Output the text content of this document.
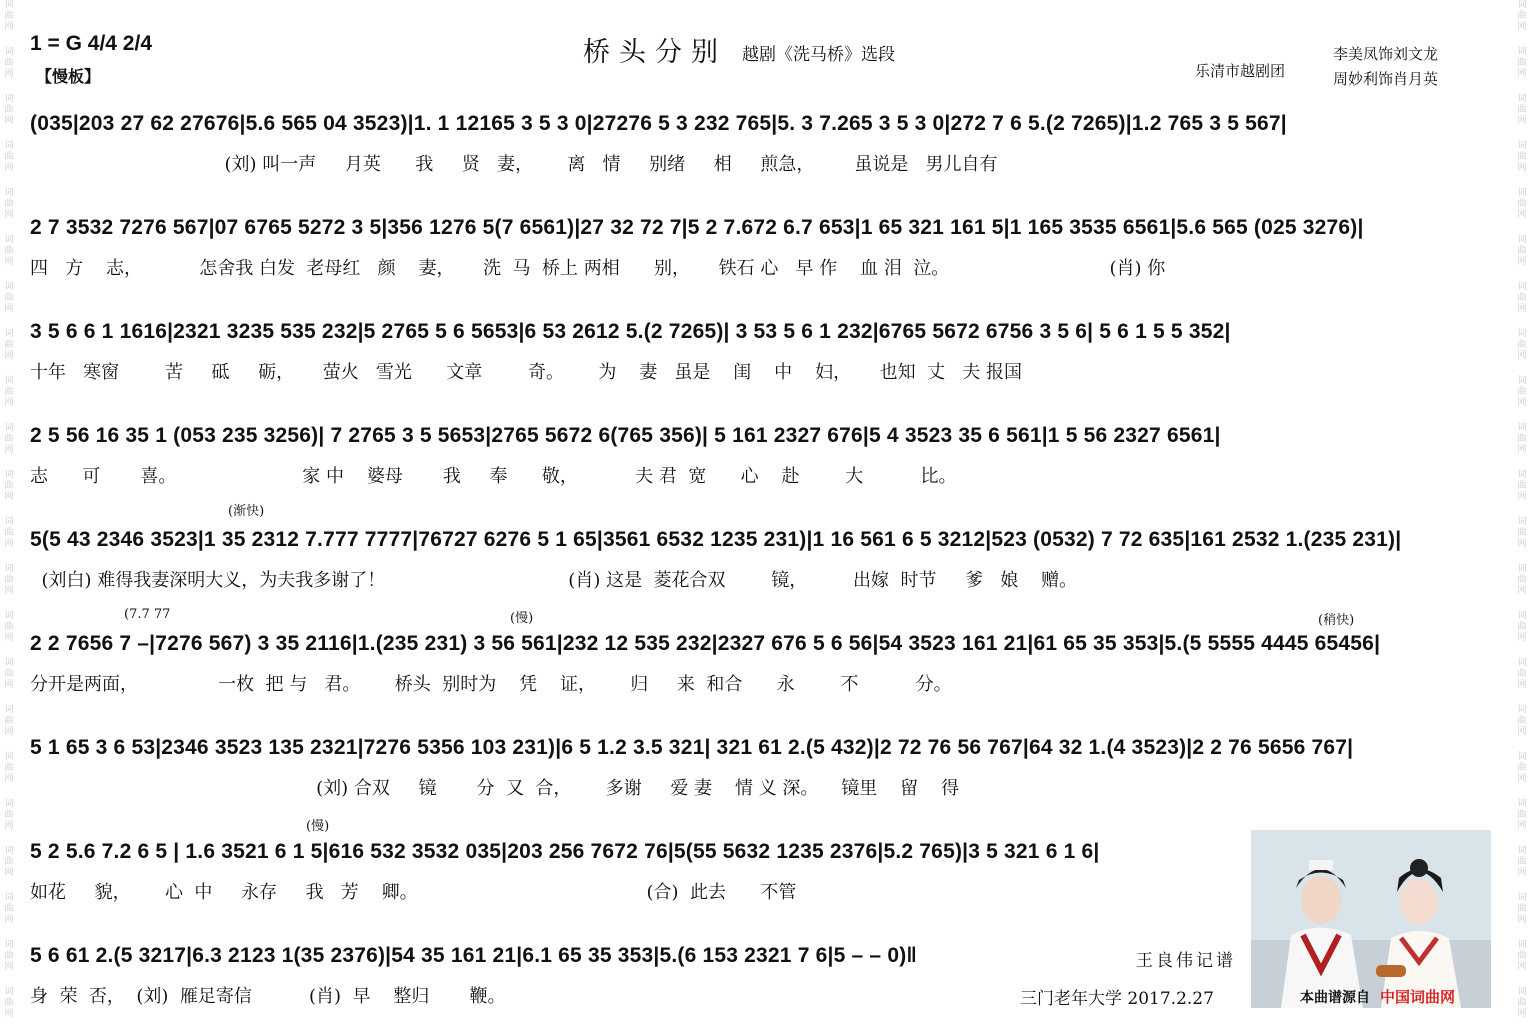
词
曲
网
词
曲
网
词
曲
网
词
曲
网
词
曲
网
词
曲
网
词
曲
网
词
曲
网
词
曲
网
词
曲
网
词
曲
网
词
曲
网
词
曲
网
词
曲
网
词
曲
网
词
曲
网
词
曲
网
词
曲
网
词
曲
网
词
曲
网
词
曲
网
词
曲
网
词
曲
网
词
曲
网
词
曲
网
词
曲
网
词
曲
网
词
曲
网
词
曲
网
词
曲
网
词
曲
网
词
曲
网
词
曲
网
词
曲
网
词
曲
网
词
曲
网
词
曲
网
词
曲
网
词
曲
网
词
曲
网
词
曲
网
词
曲
网
词
曲
网
词
曲
网
1 = G 4/4 2/4
【慢板】
桥头分别 越剧《洗马桥》选段
乐清市越剧团
李美凤饰刘文龙
周妙利饰肖月英
(035|203 27 62 27676|5.6 565 04 3523)|1. 1 12165 3 5 3 0|27276 5 3 232 765|5. 3 7.265 3 5 3 0|272 7 6 5.(2 7265)|1.2 765 3 5 567|
(刘) 叫一声     月英      我     贤   妻，      离   情     别绪     相     煎急，       虽说是   男儿自有
2 7 3532 7276 567|07 6765 5272 3 5|356 1276 5(7 6561)|27 32 72 7|5 2 7.672 6.7 653|1 65 321 161 5|1 165 3535 6561|5.6 565 (025 3276)|
四   方    志，          怎舍我 白发  老母红   颜    妻，     洗  马  桥上 两相      别，     铁石 心   早 作    血 泪  泣。                            (肖) 你
3 5 6 6 1 1616|2321 3235 535 232|5 2765 5 6 5653|6 53 2612 5.(2 7265)| 3 53 5 6 1 232|6765 5672 6756 3 5 6| 5 6 1 5 5 352|
十年   寒窗        苦     砥     砺，     萤火   雪光      文章        奇。      为    妻   虽是    闺    中    妇，     也知  丈   夫 报国
2 5 56 16 35 1 (053 235 3256)| 7 2765 3 5 5653|2765 5672 6(765 356)| 5 161 2327 676|5 4 3523 35 6 561|1 5 56 2327 6561|
志      可       喜。                      家 中    婆母       我     奉      敬，          夫 君  宽      心    赴        大          比。
(渐快)
5(5 43 2346 3523|1 35 2312 7.777 7777|76727 6276 5 1 65|3561 6532 1235 231)|1 16 561 6 5 3212|523 (0532) 7 72 635|161 2532 1.(235 231)|
(刘白) 难得我妻深明大义，为夫我多谢了！                                (肖) 这是  菱花合双        镜，        出嫁  时节     爹   娘    赠。
(7.7 77	(慢)	(稍快)
2 2 7656 7 –|7276 567) 3 35 2116|1.(235 231) 3 56 561|232 12 535 232|2327 676 5 6 56|54 3523 161 21|61 65 35 353|5.(5 5555 4445 65456|
分开是两面，              一枚  把 与   君。      桥头  别时为    凭    证，      归     来  和合      永        不          分。
5 1 65 3 6 53|2346 3523 135 2321|7276 5356 103 231)|6 5 1.2 3.5 321| 321 61 2.(5 432)|2 72 76 56 767|64 32 1.(4 3523)|2 2 76 5656 767|
(刘) 合双     镜       分  又  合，      多谢     爱 妻    情 义 深。    镜里    留    得
(慢)
5 2 5.6 7.2 6 5 | 1.6 3521 6 1 5|616 532 3532 035|203 256 7672 76|5(55 5632 1235 2376|5.2 765)|3 5 321 6 1 6|
如花     貌，      心  中     永存     我   芳    卿。                                        (合)  此去      不管
5 6 61 2.(5 3217|6.3 2123 1(35 2376)|54 35 161 21|6.1 65 35 353|5.(6 153 2321 7 6|5 – – 0)‖
身  荣  否，  (刘)  雁足寄信          (肖)  早    整归       鞭。
王良伟记谱
三门老年大学 2017.2.27	本曲谱源自 中国词曲网
